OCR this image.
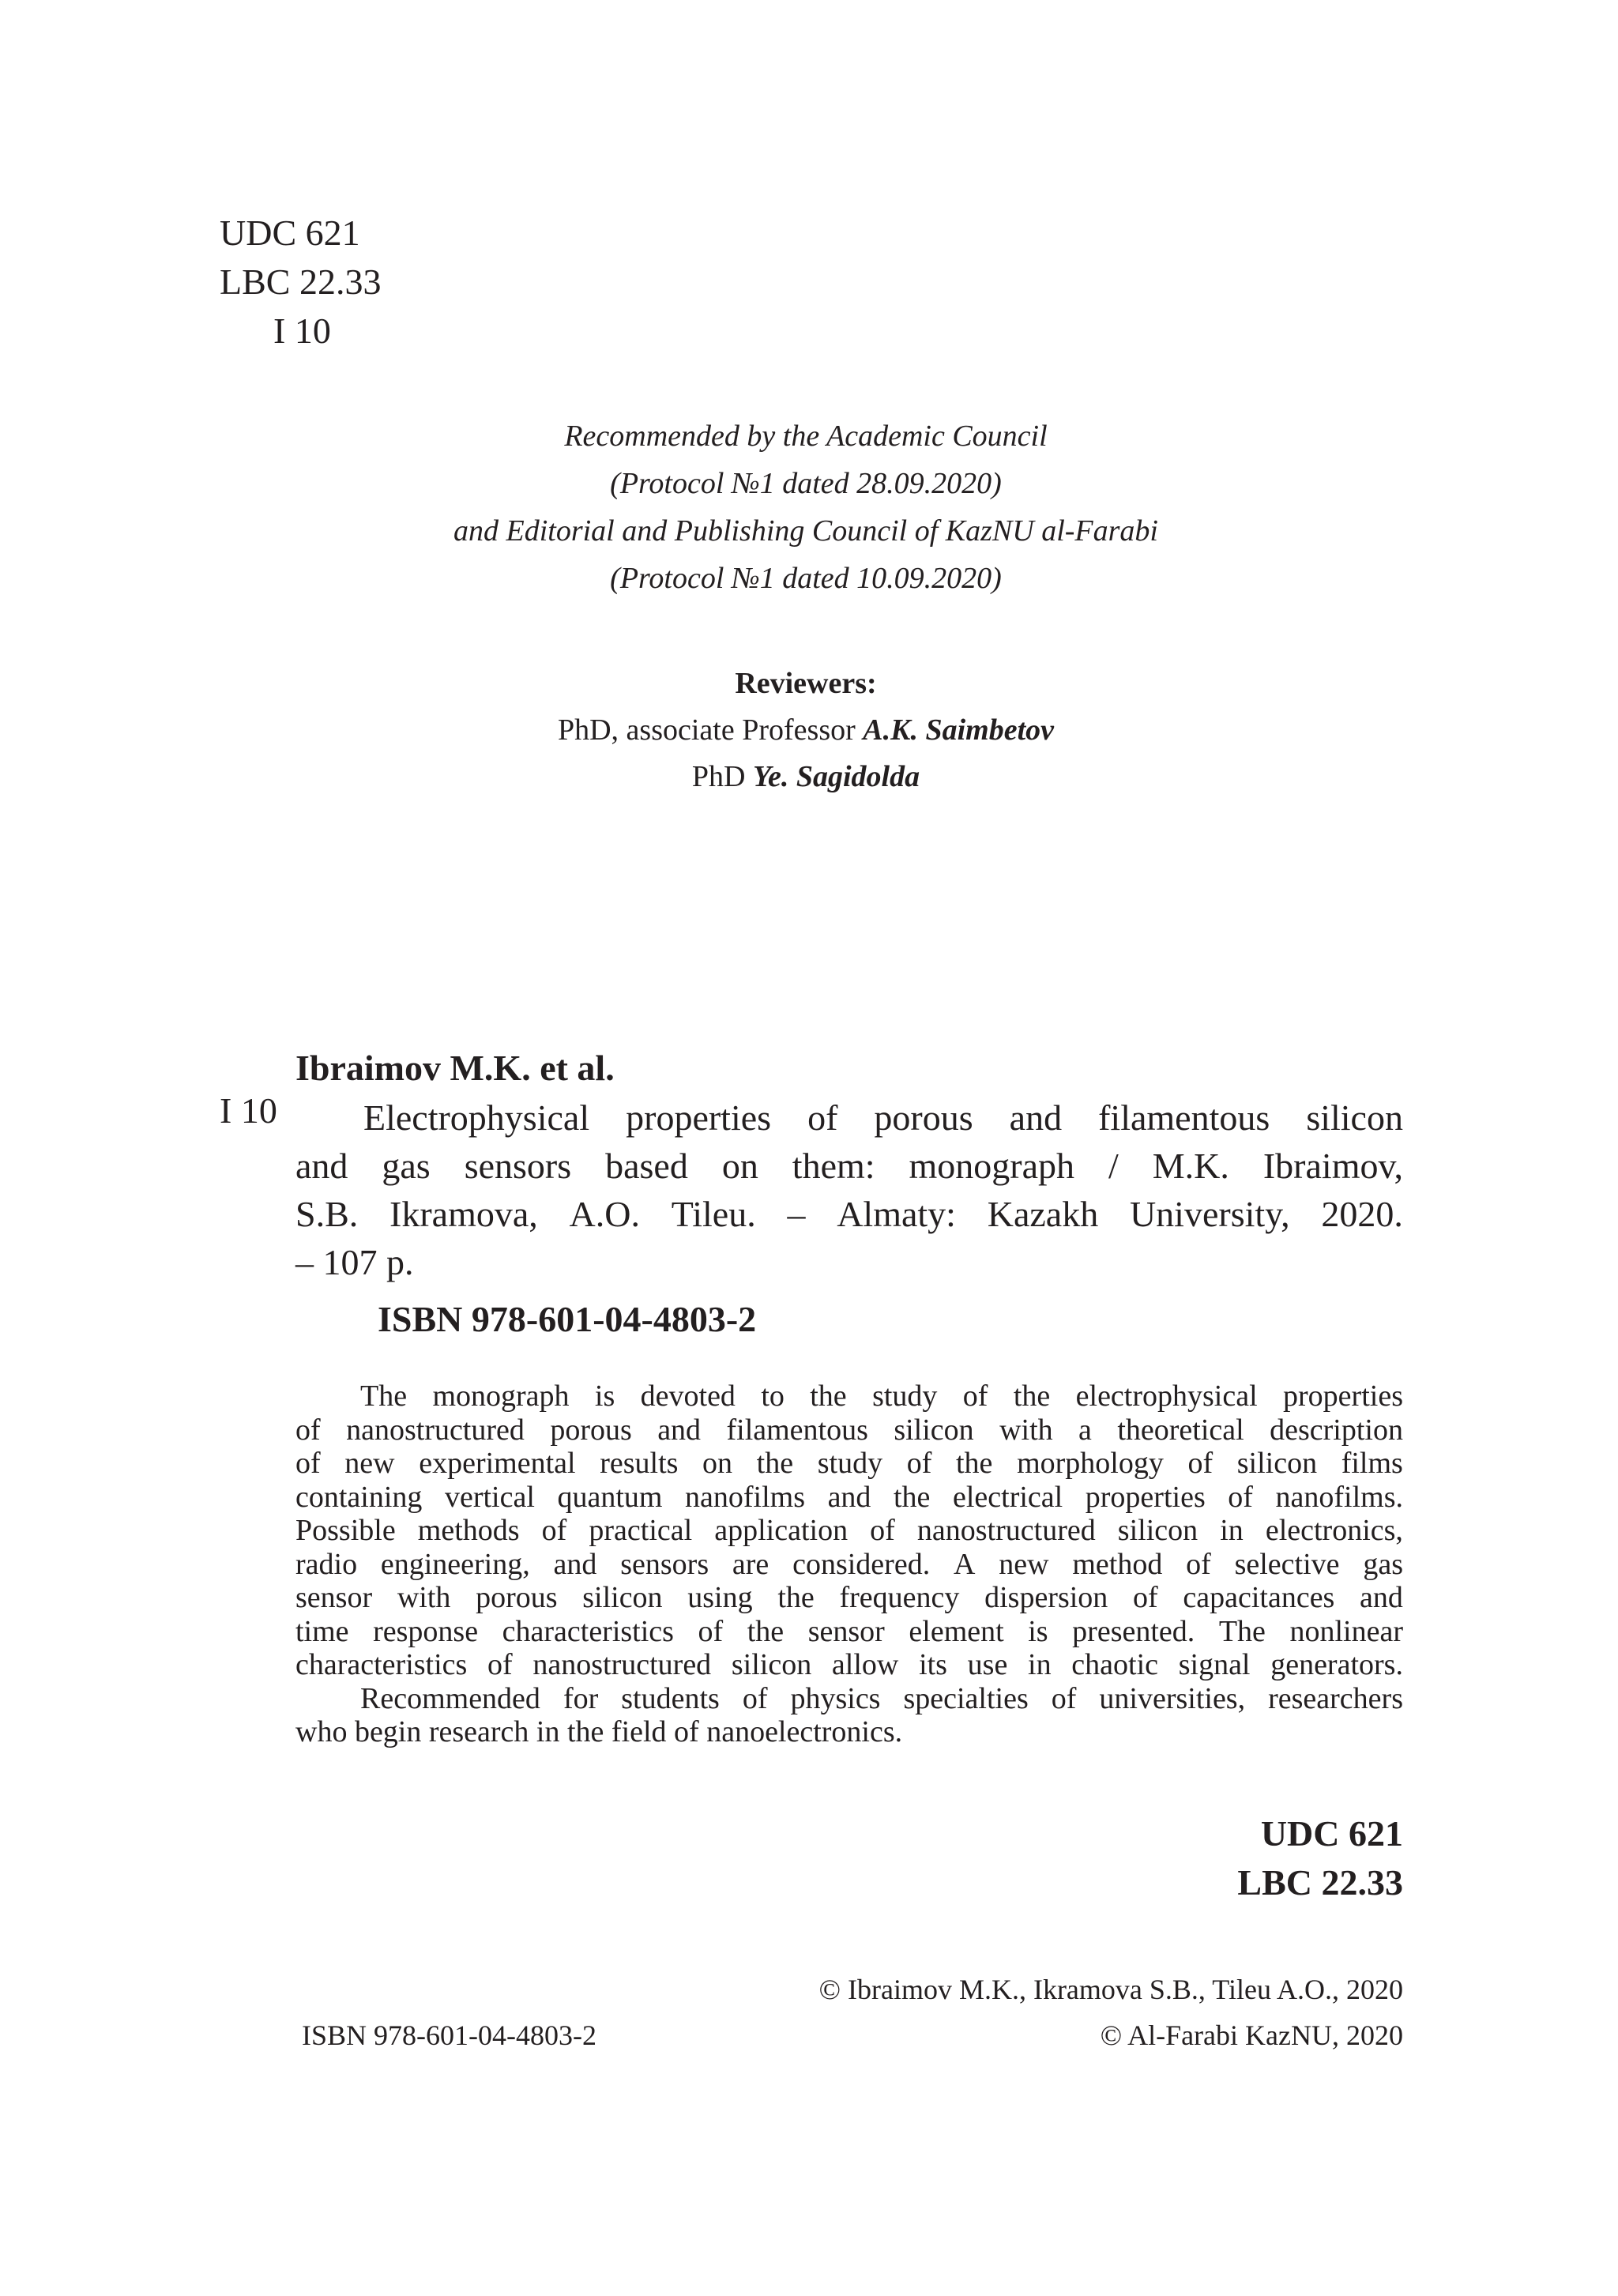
UDC 621
LBC 22.33
I 10
Recommended by the Academic Council
(Protocol №1 dated 28.09.2020)
and Editorial and Publishing Council of KazNU al-Farabi
(Protocol №1 dated 10.09.2020)
Reviewers:
PhD, associate Professor A.K. Saimbetov
PhD Ye. Sagidolda
Ibraimov M.K. et al.
I 10 Electrophysical properties of porous and filamentous silicon
and gas sensors based on them: monograph / M.K. Ibraimov,
S.B. Ikramova, A.O. Tileu. – Almaty: Kazakh University, 2020.
– 107 p.
ISBN 978-601-04-4803-2
The monograph is devoted to the study of the electrophysical properties
of nanostructured porous and filamentous silicon with a theoretical description
of new experimental results on the study of the morphology of silicon films
containing vertical quantum nanofilms and the electrical properties of nanofilms.
Possible methods of practical application of nanostructured silicon in electronics,
radio engineering, and sensors are considered. A new method of selective gas
sensor with porous silicon using the frequency dispersion of capacitances and
time response characteristics of the sensor element is presented. The nonlinear
characteristics of nanostructured silicon allow its use in chaotic signal generators.
Recommended for students of physics specialties of universities, researchers
who begin research in the field of nanoelectronics.
UDC 621
LBC 22.33
© Ibraimov M.K., Ikramova S.B., Tileu A.O., 2020
ISBN 978-601-04-4803-2	© Al-Farabi KazNU, 2020
